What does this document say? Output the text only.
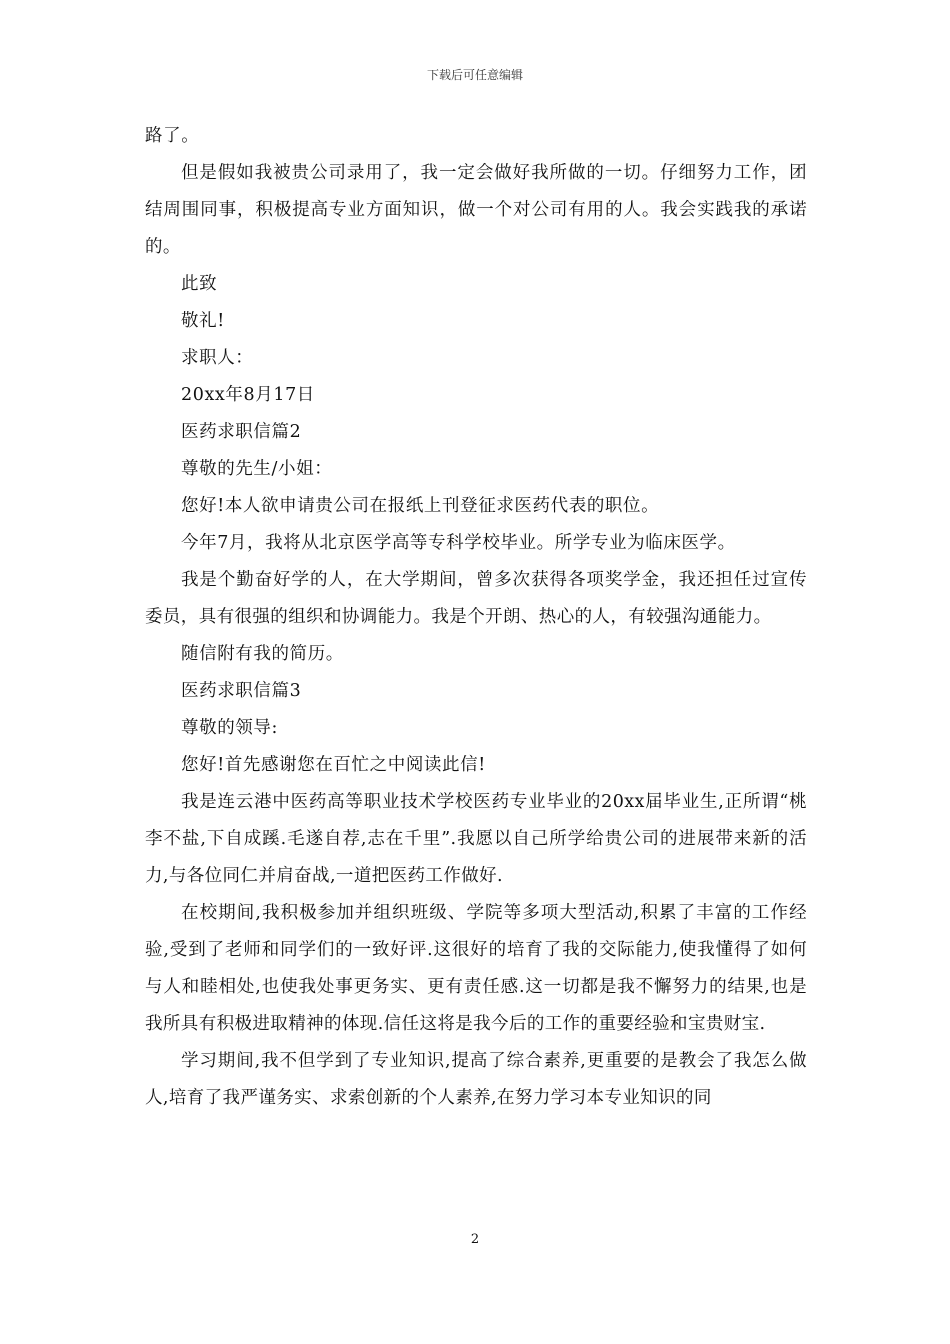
下载后可任意编辑

路了。

但是假如我被贵公司录用了，我一定会做好我所做的一切。仔细努力工作，团结周围同事，积极提高专业方面知识，做一个对公司有用的人。我会实践我的承诺的。

此致

敬礼!

求职人：

20xx年8月17日

医药求职信篇2

尊敬的先生/小姐：

您好!本人欲申请贵公司在报纸上刊登征求医药代表的职位。

今年7月，我将从北京医学高等专科学校毕业。所学专业为临床医学。

我是个勤奋好学的人，在大学期间，曾多次获得各项奖学金，我还担任过宣传委员，具有很强的组织和协调能力。我是个开朗、热心的人，有较强沟通能力。

随信附有我的简历。

医药求职信篇3

尊敬的领导:

您好!首先感谢您在百忙之中阅读此信!

我是连云港中医药高等职业技术学校医药专业毕业的20xx届毕业生,正所谓“桃李不盐,下自成蹊.毛遂自荐,志在千里”.我愿以自己所学给贵公司的进展带来新的活力,与各位同仁并肩奋战,一道把医药工作做好.

在校期间,我积极参加并组织班级、学院等多项大型活动,积累了丰富的工作经验,受到了老师和同学们的一致好评.这很好的培育了我的交际能力,使我懂得了如何与人和睦相处,也使我处事更务实、更有责任感.这一切都是我不懈努力的结果,也是我所具有积极进取精神的体现.信任这将是我今后的工作的重要经验和宝贵财宝.

学习期间,我不但学到了专业知识,提高了综合素养,更重要的是教会了我怎么做人,培育了我严谨务实、求索创新的个人素养,在努力学习本专业知识的同

2
